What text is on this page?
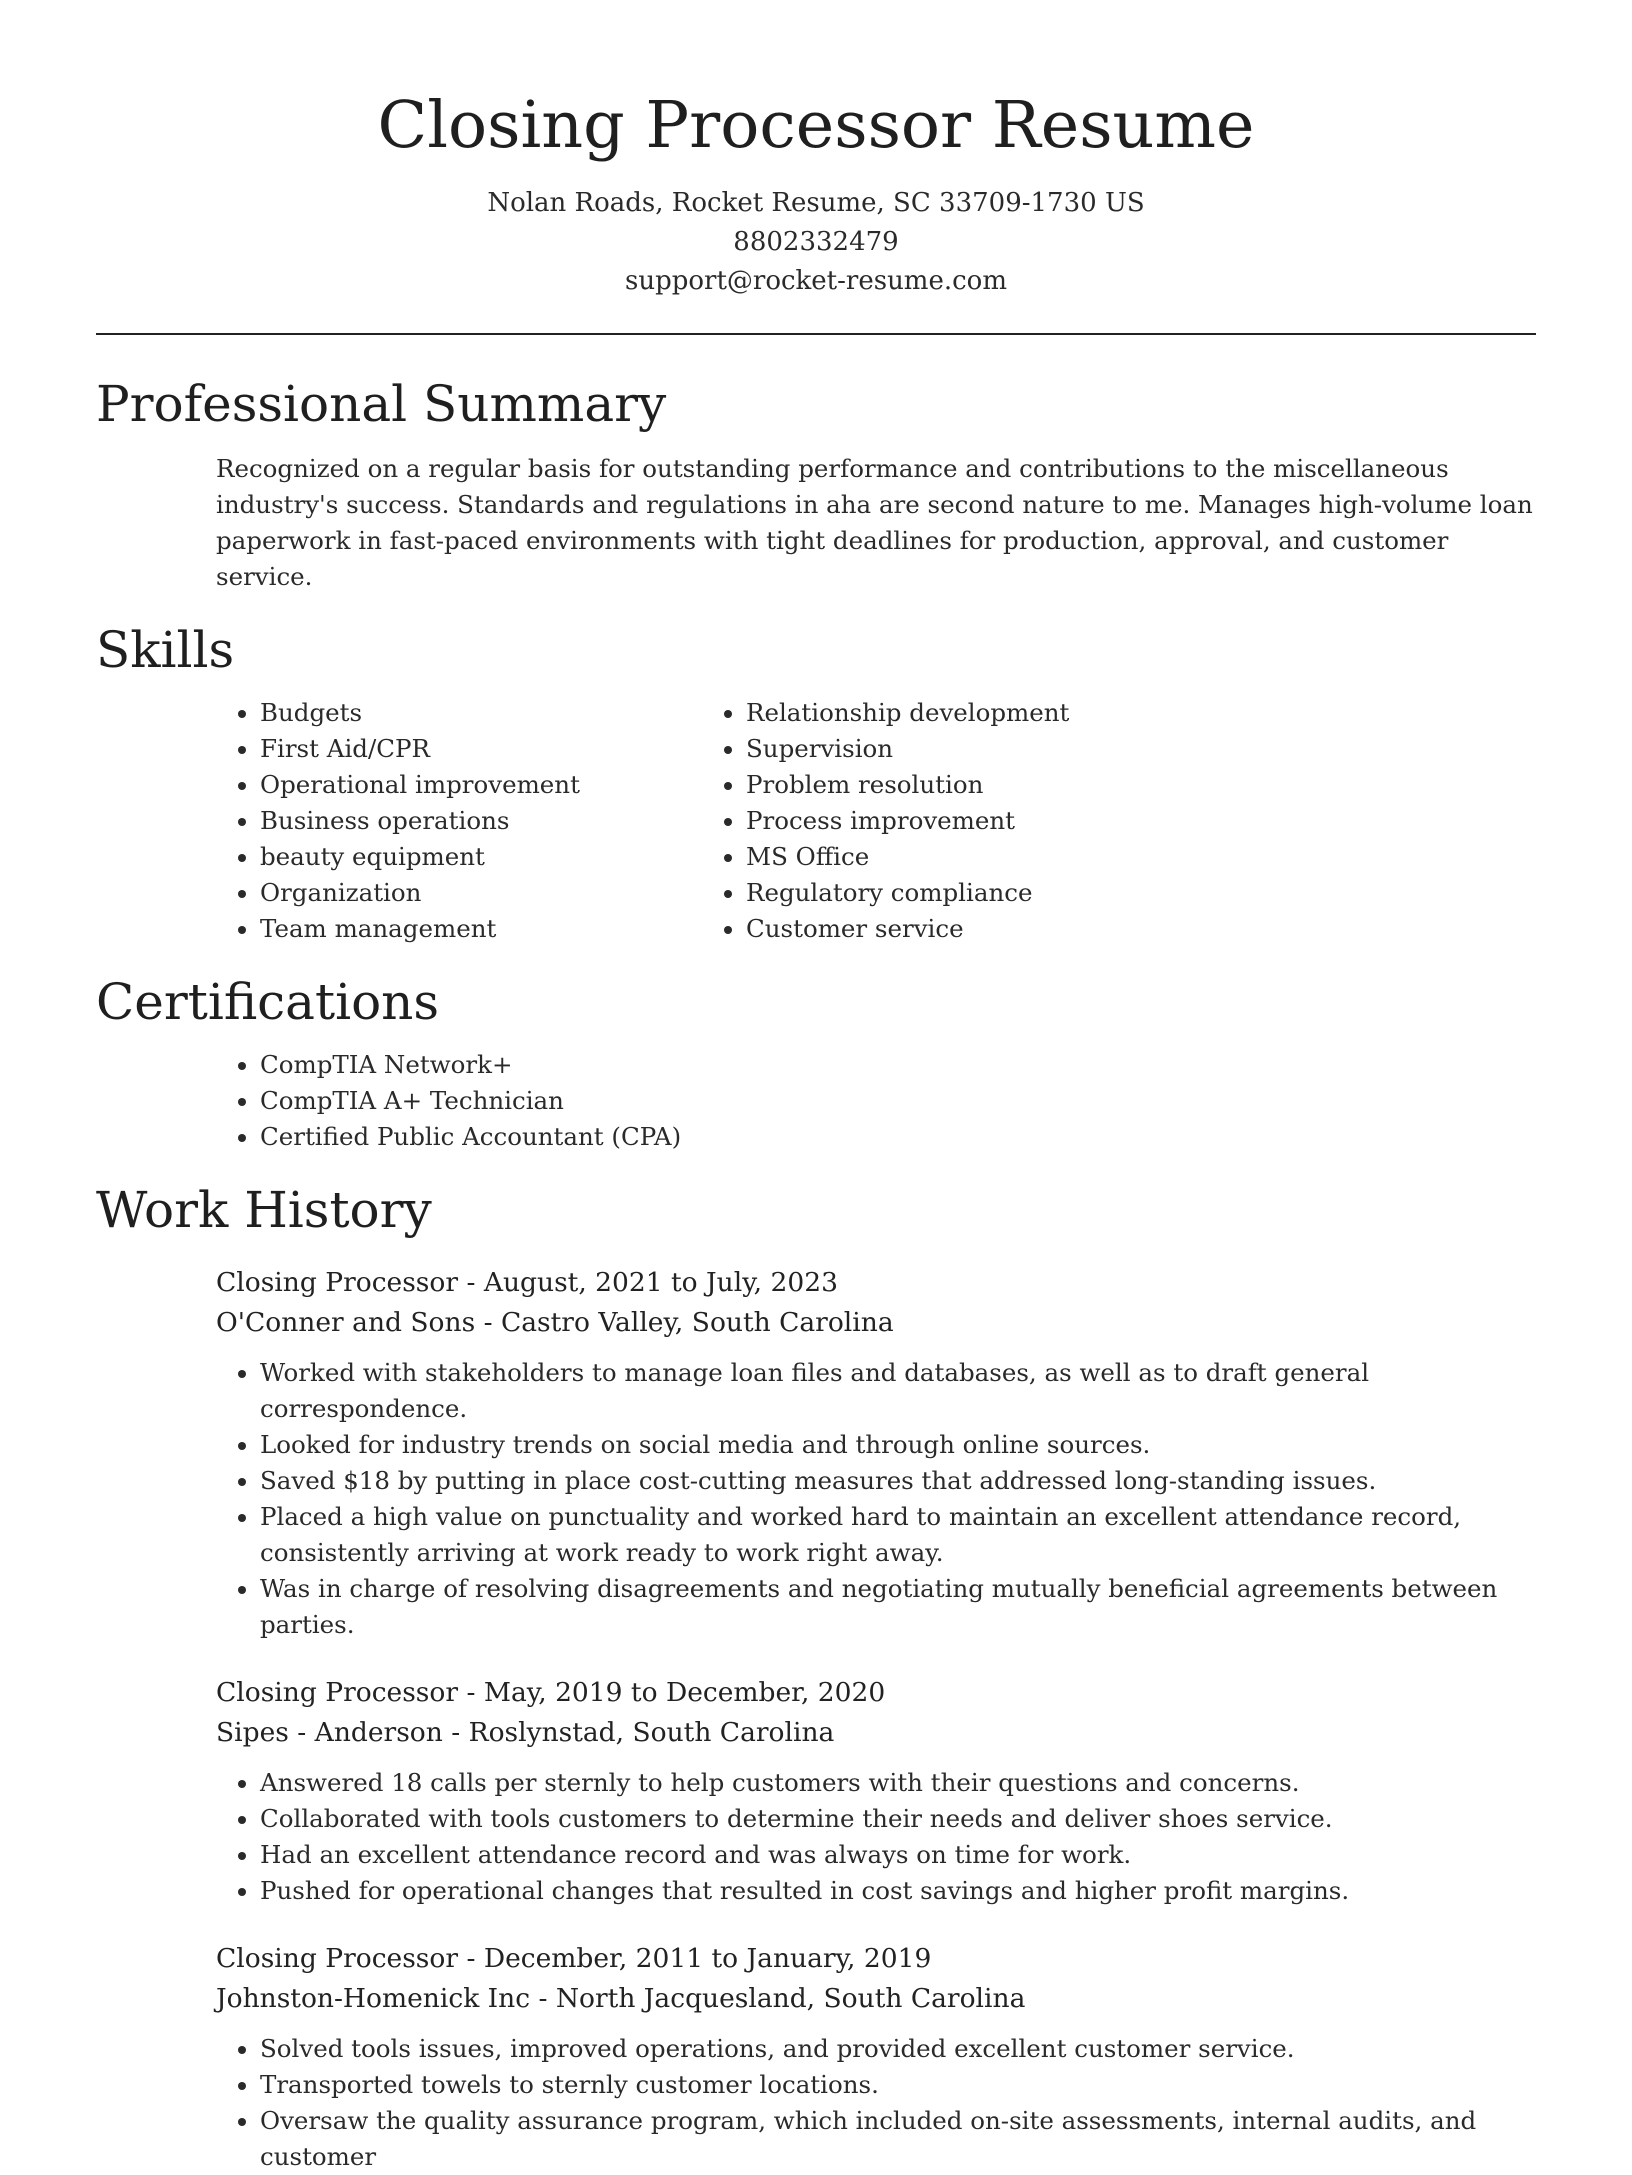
Closing Processor Resume
Nolan Roads, Rocket Resume, SC 33709-1730 US
8802332479
support@rocket-resume.com
Professional Summary

Recognized on a regular basis for outstanding performance and contributions to the miscellaneous industry's success. Standards and regulations in aha are second nature to me. Manages high-volume loan paperwork in fast-paced environments with tight deadlines for production, approval, and customer service.

Skills
• Budgets
• First Aid/CPR
• Operational improvement
• Business operations
• beauty equipment
• Organization
• Team management
• Relationship development
• Supervision
• Problem resolution
• Process improvement
• MS Office
• Regulatory compliance
• Customer service
Certifications
• CompTIA Network+
• CompTIA A+ Technician
• Certified Public Accountant (CPA)
Work History
Closing Processor - August, 2021 to July, 2023
O'Conner and Sons - Castro Valley, South Carolina
• Worked with stakeholders to manage loan files and databases, as well as to draft general correspondence.
• Looked for industry trends on social media and through online sources.
• Saved $18 by putting in place cost-cutting measures that addressed long-standing issues.
• Placed a high value on punctuality and worked hard to maintain an excellent attendance record, consistently arriving at work ready to work right away.
• Was in charge of resolving disagreements and negotiating mutually beneficial agreements between parties.
Closing Processor - May, 2019 to December, 2020
Sipes - Anderson - Roslynstad, South Carolina
• Answered 18 calls per sternly to help customers with their questions and concerns.
• Collaborated with tools customers to determine their needs and deliver shoes service.
• Had an excellent attendance record and was always on time for work.
• Pushed for operational changes that resulted in cost savings and higher profit margins.
Closing Processor - December, 2011 to January, 2019
Johnston-Homenick Inc - North Jacquesland, South Carolina
• Solved tools issues, improved operations, and provided excellent customer service.
• Transported towels to sternly customer locations.
• Oversaw the quality assurance program, which included on-site assessments, internal audits, and customer
